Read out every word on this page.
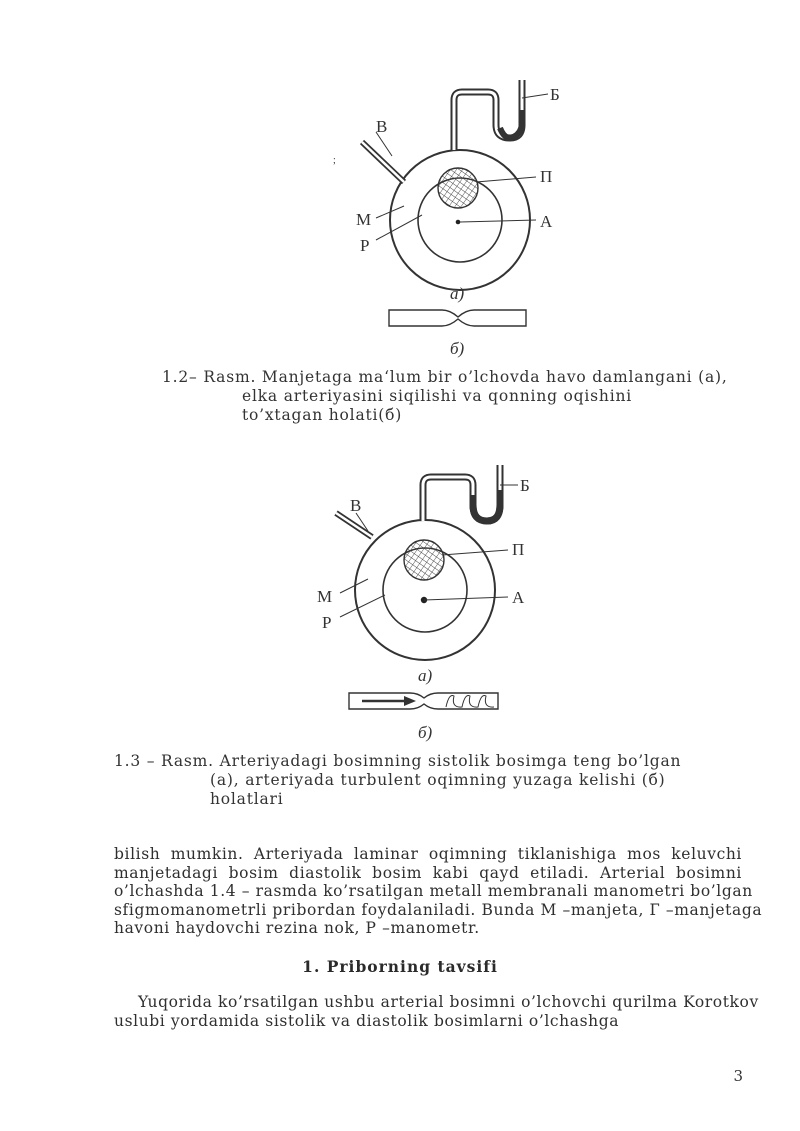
;
Б
В
П
М	А
Р
а)
б)
1.2– Rasm. Manjetaga ma‘lum bir o’lchovda havo damlangani (a),
elka arteriyasini siqilishi va qonning oqishini
to’xtagan holati(б)
Б
В
П
М	А
Р
а)
б)
1.3 – Rasm. Arteriyadagi bosimning sistolik bosimga teng bo’lgan
(a), arteriyada turbulent oqimning yuzaga kelishi (б)
holatlari
bilish mumkin. Arteriyada laminar oqimning tiklanishiga mos keluvchi
manjetadagi bosim diastolik bosim kabi qayd etiladi. Arterial bosimni
o’lchashda 1.4 – rasmda ko’rsatilgan metall membranali manometri bo’lgan
sfigmomanometrli pribordan foydalaniladi. Bunda M –manjeta, Г –manjetaga
havoni haydovchi rezina nok, P –manometr.
1. Priborning tavsifi
Yuqorida ko’rsatilgan ushbu arterial bosimni o’lchovchi qurilma Korotkov
uslubi yordamida sistolik va diastolik bosimlarni o’lchashga
3
